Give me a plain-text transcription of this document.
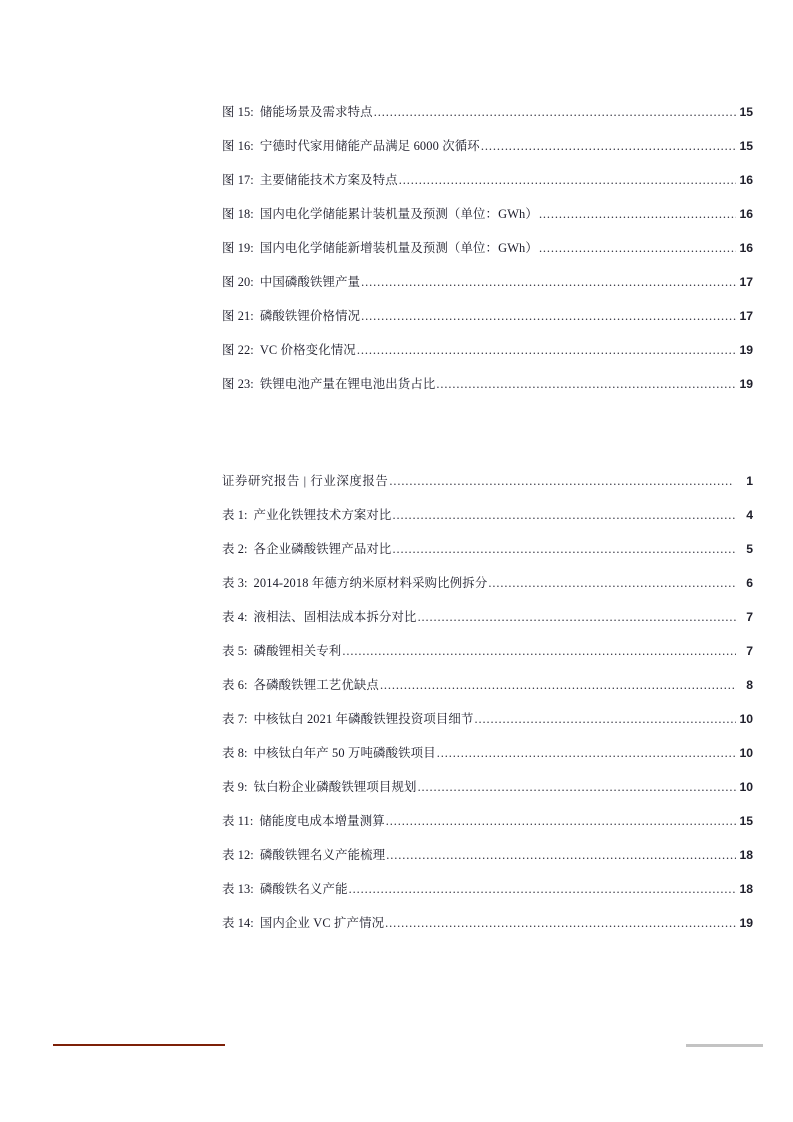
图 15: 储能场景及需求特点 .....	15
图 16: 宁德时代家用储能产品满足 6000 次循环 .....	15
图 17: 主要储能技术方案及特点 .....	16
图 18: 国内电化学储能累计装机量及预测（单位：GWh） .....	16
图 19: 国内电化学储能新增装机量及预测（单位：GWh） .....	16
图 20: 中国磷酸铁锂产量 .....	17
图 21: 磷酸铁锂价格情况 .....	17
图 22: VC 价格变化情况 .....	19
图 23: 铁锂电池产量在锂电池出货占比 .....	19
证券研究报告 | 行业深度报告 .....	1
表 1: 产业化铁锂技术方案对比 .....	4
表 2: 各企业磷酸铁锂产品对比 .....	5
表 3: 2014-2018 年德方纳米原材料采购比例拆分 .....	6
表 4: 液相法、固相法成本拆分对比 .....	7
表 5: 磷酸锂相关专利 .....	7
表 6: 各磷酸铁锂工艺优缺点 .....	8
表 7: 中核钛白 2021 年磷酸铁锂投资项目细节 .....	10
表 8: 中核钛白年产 50 万吨磷酸铁项目 .....	10
表 9: 钛白粉企业磷酸铁锂项目规划 .....	10
表 11: 储能度电成本增量测算 .....	15
表 12: 磷酸铁锂名义产能梳理 .....	18
表 13: 磷酸铁名义产能 .....	18
表 14: 国内企业 VC 扩产情况 .....	19
